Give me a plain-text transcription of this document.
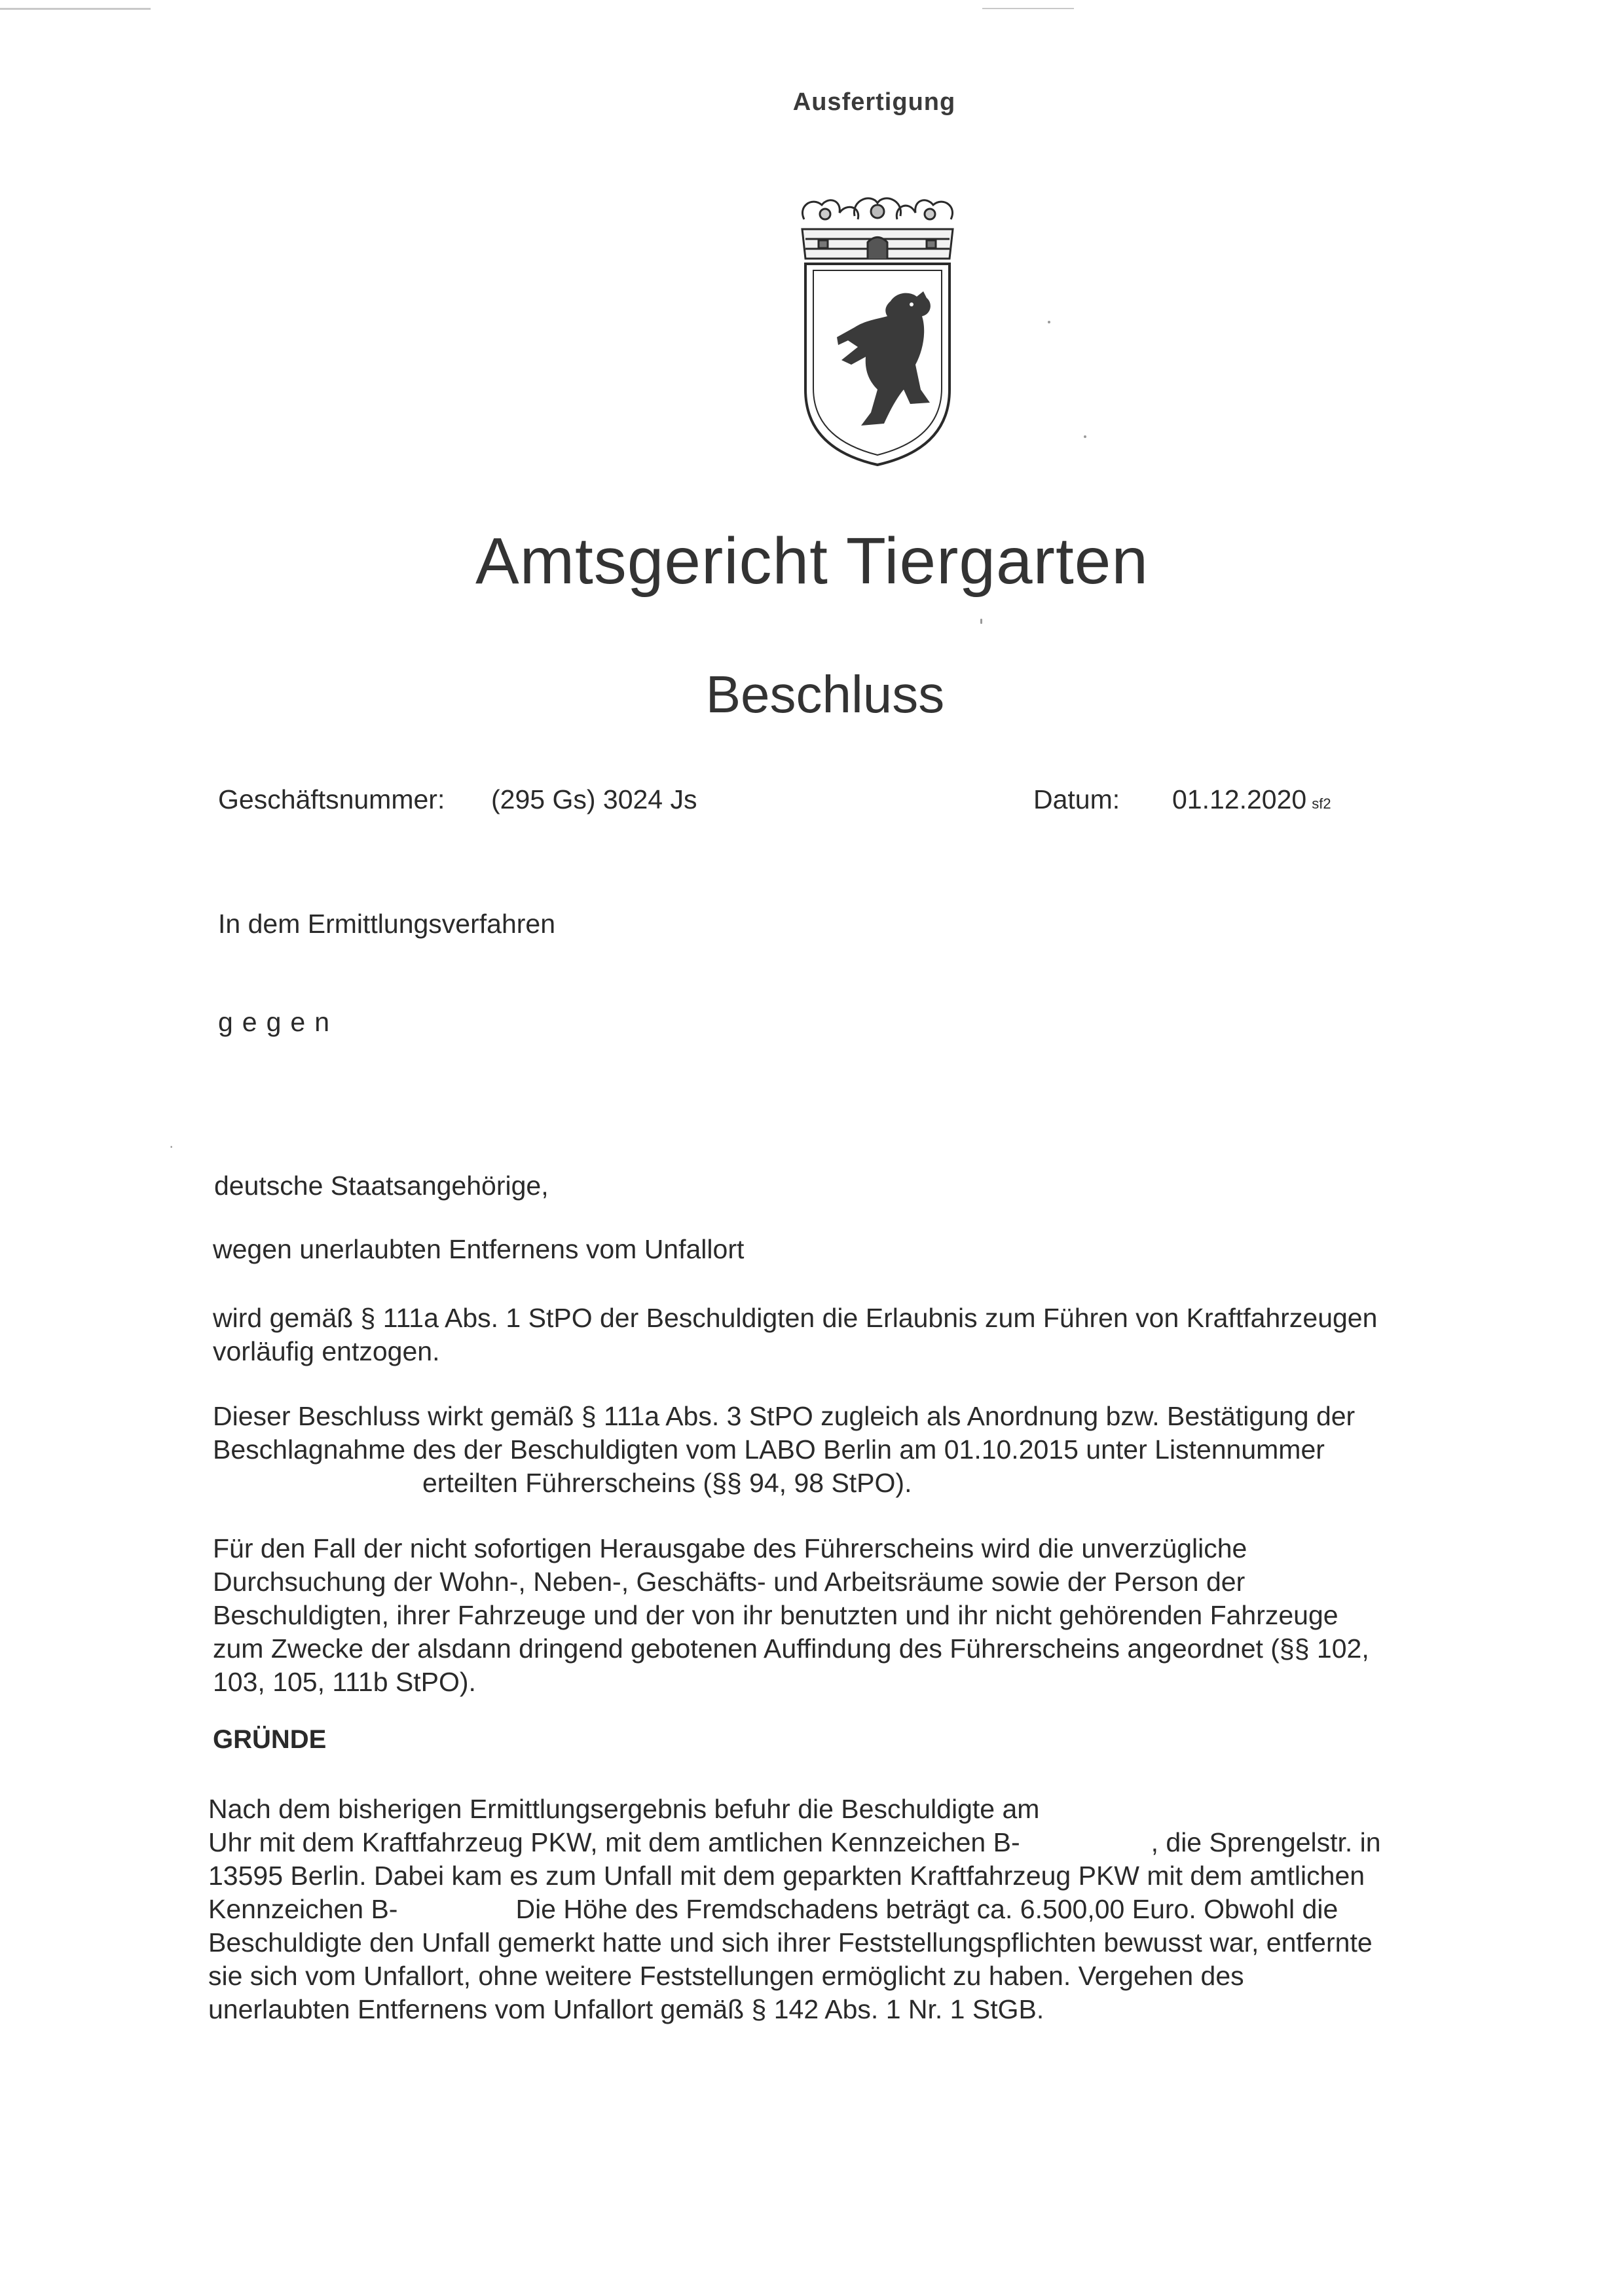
Ausfertigung
Amtsgericht Tiergarten
Beschluss
Geschäftsnummer: (295 Gs) 3024 Js	Datum: 01.12.2020 sf2
In dem Ermittlungsverfahren
gegen
deutsche Staatsangehörige,
wegen unerlaubten Entfernens vom Unfallort
wird gemäß § 111a Abs. 1 StPO der Beschuldigten die Erlaubnis zum Führen von Kraftfahrzeugen
vorläufig entzogen.
Dieser Beschluss wirkt gemäß § 111a Abs. 3 StPO zugleich als Anordnung bzw. Bestätigung der
Beschlagnahme des der Beschuldigten vom LABO Berlin am 01.10.2015 unter Listennummer
erteilten Führerscheins (§§ 94, 98 StPO).
Für den Fall der nicht sofortigen Herausgabe des Führerscheins wird die unverzügliche
Durchsuchung der Wohn-, Neben-, Geschäfts- und Arbeitsräume sowie der Person der
Beschuldigten, ihrer Fahrzeuge und der von ihr benutzten und ihr nicht gehörenden Fahrzeuge
zum Zwecke der alsdann dringend gebotenen Auffindung des Führerscheins angeordnet (§§ 102,
103, 105, 111b StPO).
GRÜNDE
·
Nach dem bisherigen Ermittlungsergebnis befuhr die Beschuldigte am
Uhr mit dem Kraftfahrzeug PKW, mit dem amtlichen Kennzeichen B-	, die Sprengelstr. in
13595 Berlin. Dabei kam es zum Unfall mit dem geparkten Kraftfahrzeug PKW mit dem amtlichen
Kennzeichen B-	Die Höhe des Fremdschadens beträgt ca. 6.500,00 Euro. Obwohl die
Beschuldigte den Unfall gemerkt hatte und sich ihrer Feststellungspflichten bewusst war, entfernte
sie sich vom Unfallort, ohne weitere Feststellungen ermöglicht zu haben. Vergehen des
unerlaubten Entfernens vom Unfallort gemäß § 142 Abs. 1 Nr. 1 StGB.
